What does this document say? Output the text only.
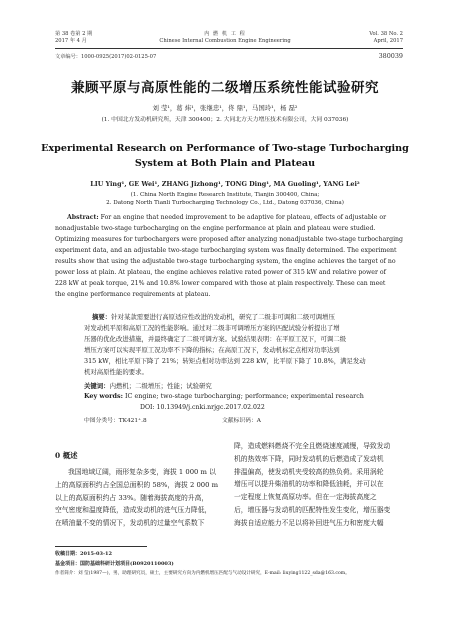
第 38 卷第 2 期
2017 年 4 月
内 燃 机 工 程
Chinese Internal Combustion Engine Engineering
Vol. 38 No. 2
April, 2017
文章编号：1000-0925(2017)02-0125-07	380039
兼顾平原与高原性能的二级增压系统性能试验研究
刘 莹¹，葛 炜¹，张继忠¹，佟 鼎¹，马国玲¹，杨 磊²
(1. 中国北方发动机研究所，天津 300400；2. 大同北方天力增压技术有限公司，大同 037036)
Experimental Research on Performance of Two-stage Turbocharging
System at Both Plain and Plateau
LIU Ying¹, GE Wei¹, ZHANG Jizhong¹, TONG Ding¹, MA Guoling¹, YANG Lei²
(1. China North Engine Research Institute, Tianjin 300400, China;
2. Datong North Tianli Turbocharging Technology Co., Ltd., Datong 037036, China)
Abstract: For an engine that needed improvement to be adaptive for plateau, effects of adjustable or
nonadjustable two-stage turbocharging on the engine performance at plain and plateau were studied.
Optimizing measures for turbochargers were proposed after analyzing nonadjustable two-stage turbocharging
experiment data, and an adjustable two-stage turbocharging system was finally determined. The experiment
results show that using the adjustable two-stage turbocharging system, the engine achieves the target of no
power loss at plain. At plateau, the engine achieves relative rated power of 315 kW and relative power of
228 kW at peak torque, 21% and 10.8% lower compared with those at plain respectively. These can meet
the engine performance requirements at plateau.
摘要：针对某款需要进行高原适应性改进的发动机，研究了二级非可调和二级可调增压
对发动机平原和高原工况的性能影响。通过对二级非可调增压方案的匹配试验分析提出了增
压器的优化改进措施，并最终确定了二级可调方案。试验结果表明：在平原工况下，可调二级
增压方案可以实现平原工况功率不下降的指标；在高原工况下，发动机标定点相对功率达到
315 kW，相比平原下降了 21%；转矩点相对功率达到 228 kW，比平原下降了 10.8%，满足发动
机对高原性能的要求。
关键词：内燃机；二级增压；性能；试验研究
Key words: IC engine; two-stage turbocharging; performance; experimental research
DOI: 10.13949/j.cnki.nrjgc.2017.02.022
中图分类号：TK421⁺.8	文献标识码：A
0 概述
我国地域辽阔，雨形复杂多变，海拔 1 000 m 以
上的高原面积约占全国总面积的 58%，海拔 2 000 m
以上的高原面积约占 33%。随着海拔高度的升高，
空气密度和温度降低，造成发动机的进气压力降低，
在喷油量不变的情况下，发动机的过量空气系数下
降，造成燃料燃烧不完全且燃烧速度减慢，导致发动
机的热效率下降，同时发动机的后燃造成了发动机
排温偏高，使发动机夹受较高的热负荷。采用涡轮
增压可以提升柴油机的功率和降低油耗，并可以在
一定程度上恢复高原功率。但在一定海拔高度之
后，增压器与发动机的匹配特性发生变化，增压器变
海拔自适应能力不足以将补回进气压力和密度大幅
收稿日期：2015-03-12
基金项目：国防基础科研计划项目(B0920110003)
作者简介：刘 莹(1987—)，男，助理研究员，硕士，主要研究方向为内燃机增压匹配与气动设计研究，E-mail: liuying1122_sda@163.com。
